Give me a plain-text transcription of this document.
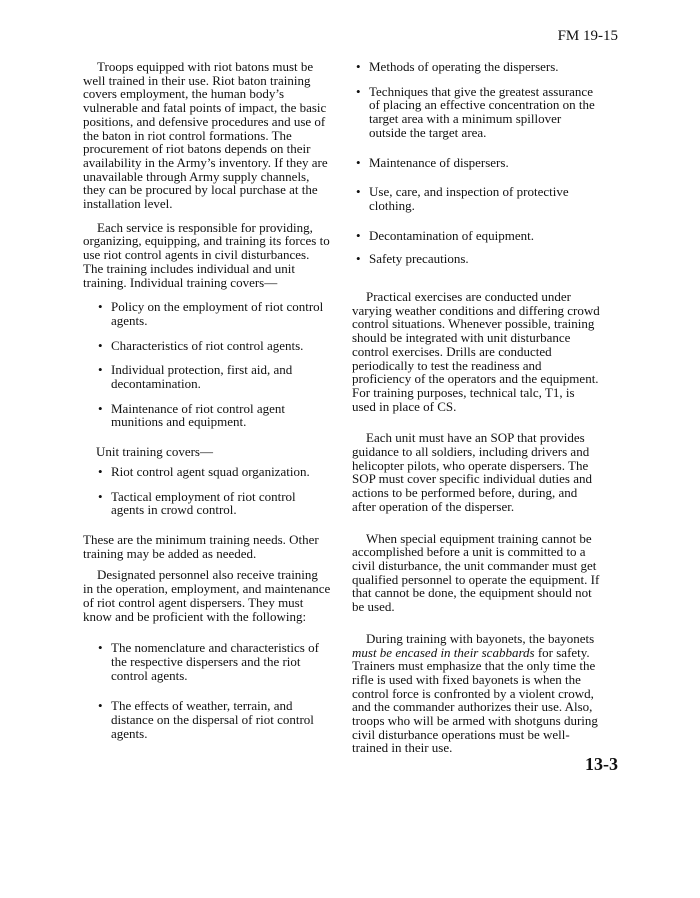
FM 19-15

Troops equipped with riot batons must be well trained in their use. Riot baton training covers employment, the human body’s vulnerable and fatal points of impact, the basic positions, and defensive procedures and use of the baton in riot control formations. The procurement of riot batons depends on their availability in the Army’s inventory. If they are unavailable through Army supply channels, they can be procured by local purchase at the installation level.

Each service is responsible for providing, organizing, equipping, and training its forces to use riot control agents in civil disturbances. The training includes individual and unit training. Individual training covers—

• Policy on the employment of riot control agents.
• Characteristics of riot control agents.
• Individual protection, first aid, and decontamination.
• Maintenance of riot control agent munitions and equipment.

Unit training covers—

• Riot control agent squad organization.
• Tactical employment of riot control agents in crowd control.

These are the minimum training needs. Other training may be added as needed.

Designated personnel also receive training in the operation, employment, and maintenance of riot control agent dispersers. They must know and be proficient with the following:

• The nomenclature and characteristics of the respective dispersers and the riot control agents.
• The effects of weather, terrain, and distance on the dispersal of riot control agents.
• Methods of operating the dispersers.
• Techniques that give the greatest assurance of placing an effective concentration on the target area with a minimum spillover outside the target area.
• Maintenance of dispersers.
• Use, care, and inspection of protective clothing.
• Decontamination of equipment.
• Safety precautions.

Practical exercises are conducted under varying weather conditions and differing crowd control situations. Whenever possible, training should be integrated with unit disturbance control exercises. Drills are conducted periodically to test the readiness and proficiency of the operators and the equipment. For training purposes, technical talc, T1, is used in place of CS.

Each unit must have an SOP that provides guidance to all soldiers, including drivers and helicopter pilots, who operate dispersers. The SOP must cover specific individual duties and actions to be performed before, during, and after operation of the disperser.

When special equipment training cannot be accomplished before a unit is committed to a civil disturbance, the unit commander must get qualified personnel to operate the equipment. If that cannot be done, the equipment should not be used.

During training with bayonets, the bayonets must be encased in their scabbards for safety. Trainers must emphasize that the only time the rifle is used with fixed bayonets is when the control force is confronted by a violent crowd, and the commander authorizes their use. Also, troops who will be armed with shotguns during civil disturbance operations must be well-trained in their use.

13-3
